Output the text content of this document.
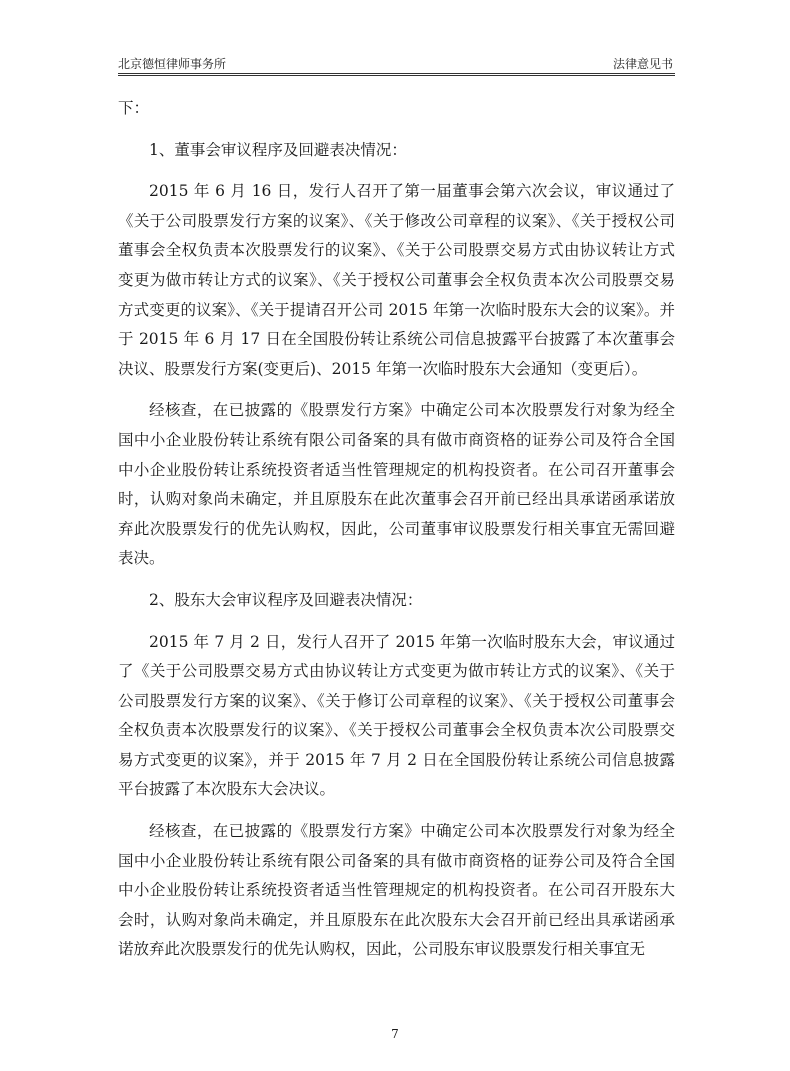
北京德恒律师事务所	法律意见书

下：

1、董事会审议程序及回避表决情况：

2015 年 6 月 16 日，发行人召开了第一届董事会第六次会议，审议通过了《关于公司股票发行方案的议案》、《关于修改公司章程的议案》、《关于授权公司董事会全权负责本次股票发行的议案》、《关于公司股票交易方式由协议转让方式变更为做市转让方式的议案》、《关于授权公司董事会全权负责本次公司股票交易方式变更的议案》、《关于提请召开公司 2015 年第一次临时股东大会的议案》。并于 2015 年 6 月 17 日在全国股份转让系统公司信息披露平台披露了本次董事会决议、股票发行方案(变更后)、2015 年第一次临时股东大会通知（变更后）。

经核查，在已披露的《股票发行方案》中确定公司本次股票发行对象为经全国中小企业股份转让系统有限公司备案的具有做市商资格的证券公司及符合全国中小企业股份转让系统投资者适当性管理规定的机构投资者。在公司召开董事会时，认购对象尚未确定，并且原股东在此次董事会召开前已经出具承诺函承诺放弃此次股票发行的优先认购权，因此，公司董事审议股票发行相关事宜无需回避表决。

2、股东大会审议程序及回避表决情况：

2015 年 7 月 2 日，发行人召开了 2015 年第一次临时股东大会，审议通过了《关于公司股票交易方式由协议转让方式变更为做市转让方式的议案》、《关于公司股票发行方案的议案》、《关于修订公司章程的议案》、《关于授权公司董事会全权负责本次股票发行的议案》、《关于授权公司董事会全权负责本次公司股票交易方式变更的议案》，并于 2015 年 7 月 2 日在全国股份转让系统公司信息披露平台披露了本次股东大会决议。

经核查，在已披露的《股票发行方案》中确定公司本次股票发行对象为经全国中小企业股份转让系统有限公司备案的具有做市商资格的证券公司及符合全国中小企业股份转让系统投资者适当性管理规定的机构投资者。在公司召开股东大会时，认购对象尚未确定，并且原股东在此次股东大会召开前已经出具承诺函承诺放弃此次股票发行的优先认购权，因此，公司股东审议股票发行相关事宜无

7
